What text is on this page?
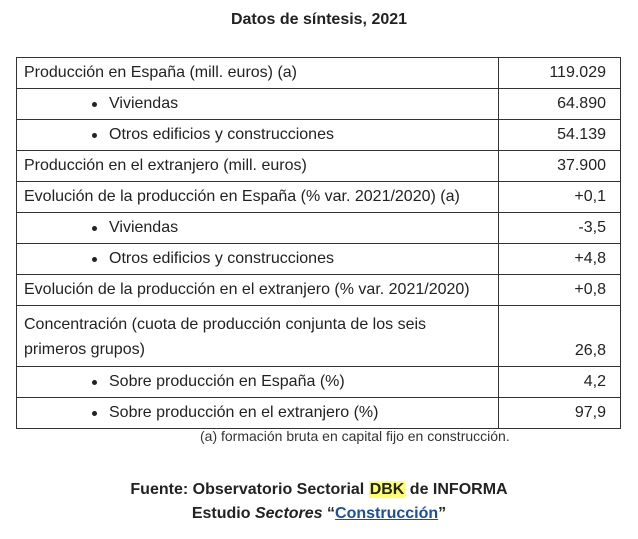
Datos de síntesis, 2021
Producción en España (mill. euros) (a)	119.029

Viviendas	64.890

Otros edificios y construcciones	54.139
Producción en el extranjero (mill. euros)	37.900
Evolución de la producción en España (% var. 2021/2020) (a)	+0,1

Viviendas	-3,5

Otros edificios y construcciones	+4,8
Evolución de la producción en el extranjero (% var. 2021/2020)	+0,8
Concentración (cuota de producción conjunta de los seis primeros grupos)	26,8

Sobre producción en España (%)	4,2

Sobre producción en el extranjero (%)	97,9
(a) formación bruta en capital fijo en construcción.
Fuente: Observatorio Sectorial DBK de INFORMA
Estudio Sectores “Construcción”
